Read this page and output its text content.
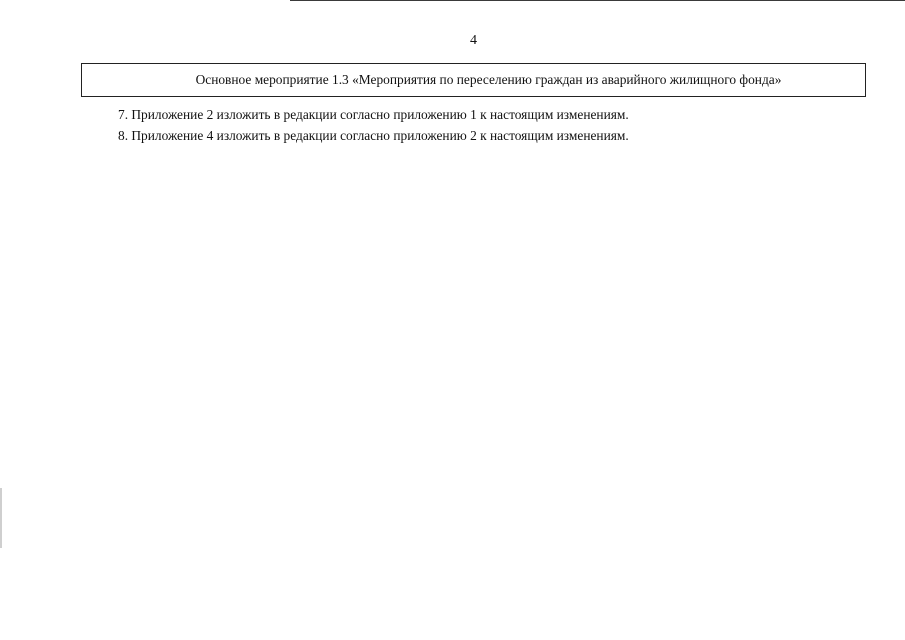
4
Основное мероприятие 1.3 «Мероприятия по переселению граждан из аварийного жилищного фонда»
7. Приложение 2 изложить в редакции согласно приложению 1 к настоящим изменениям.
8. Приложение 4 изложить в редакции согласно приложению 2 к настоящим изменениям.
